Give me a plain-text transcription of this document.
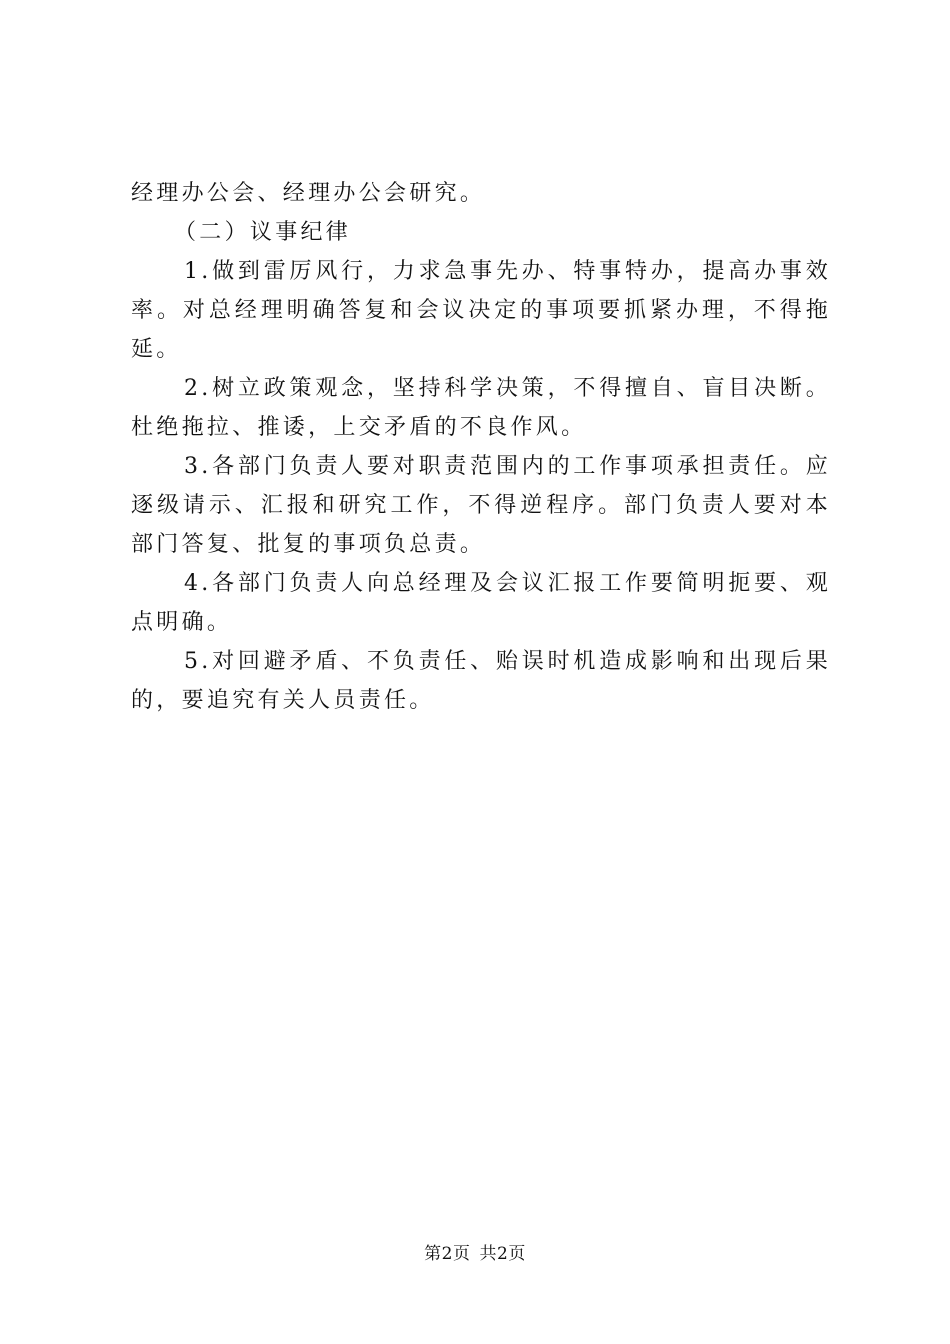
经理办公会、经理办公会研究。

（二）议事纪律

1.做到雷厉风行，力求急事先办、特事特办，提高办事效率。对总经理明确答复和会议决定的事项要抓紧办理，不得拖延。

2.树立政策观念，坚持科学决策，不得擅自、盲目决断。杜绝拖拉、推诿，上交矛盾的不良作风。

3.各部门负责人要对职责范围内的工作事项承担责任。应逐级请示、汇报和研究工作，不得逆程序。部门负责人要对本部门答复、批复的事项负总责。

4.各部门负责人向总经理及会议汇报工作要简明扼要、观点明确。

5.对回避矛盾、不负责任、贻误时机造成影响和出现后果的，要追究有关人员责任。

第2页 共2页
